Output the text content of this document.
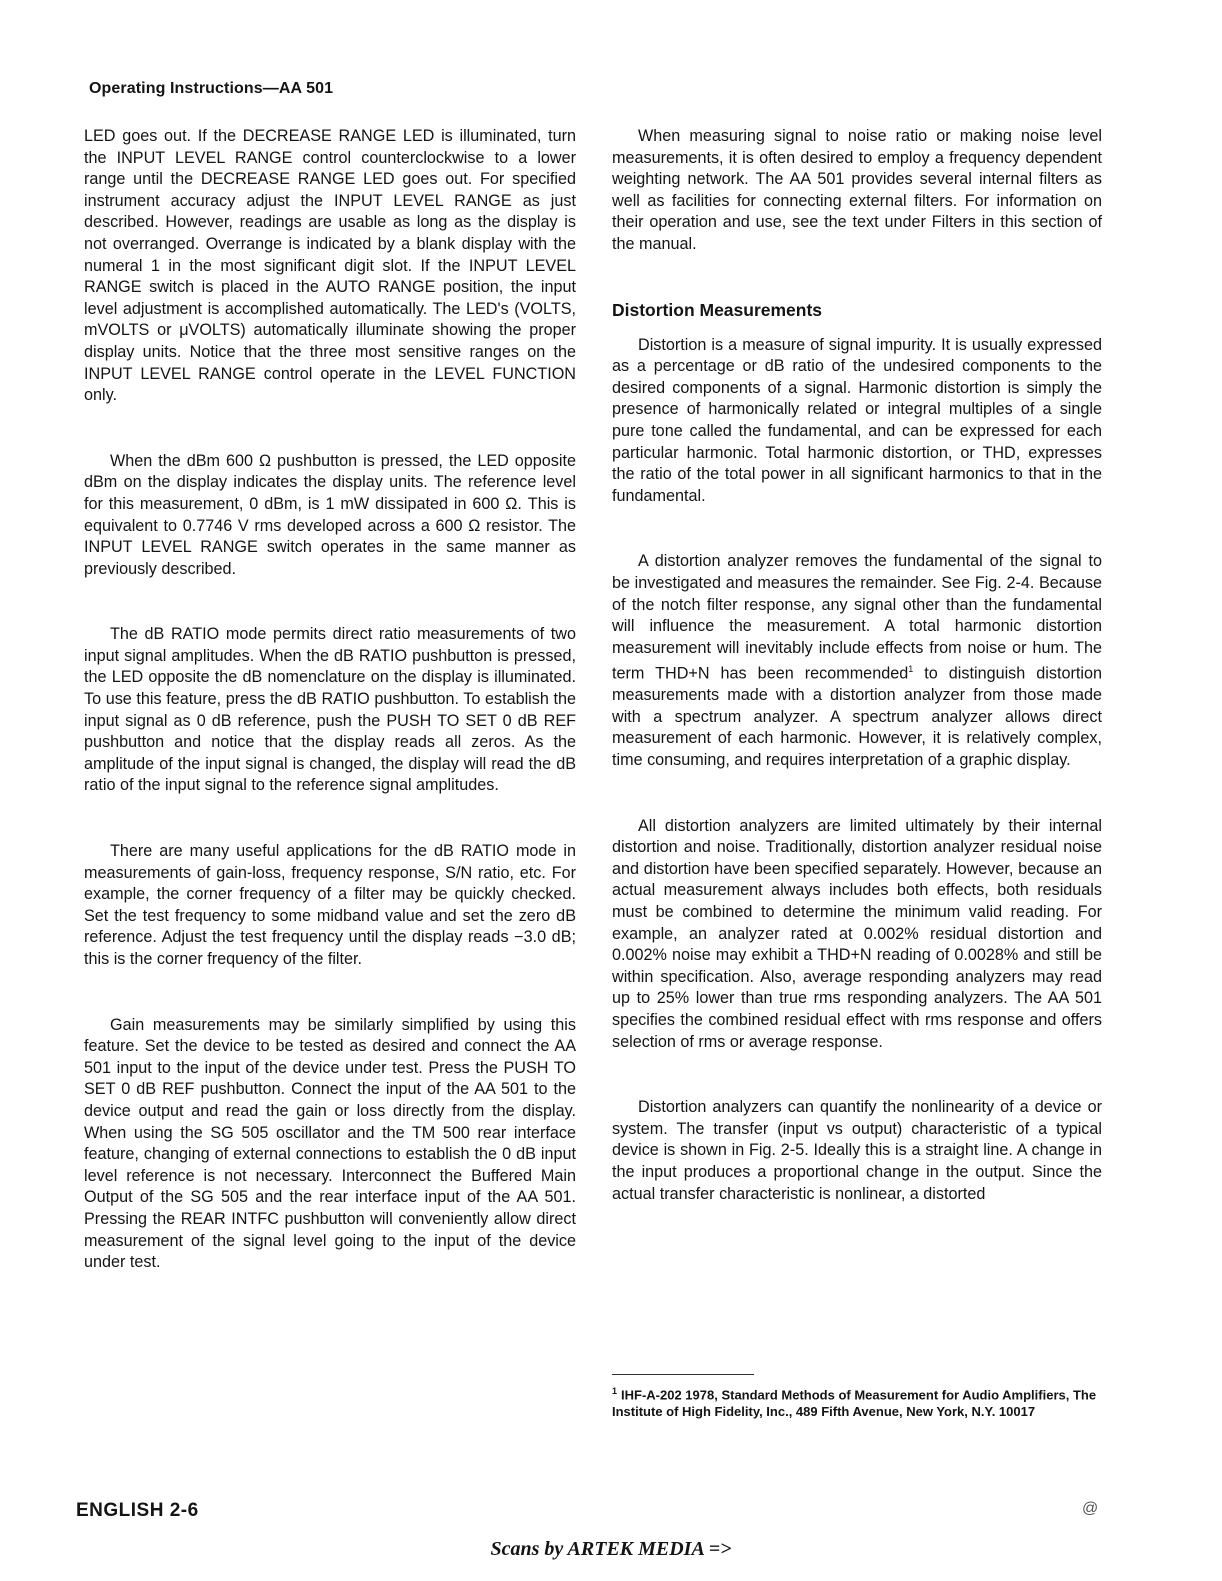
Operating Instructions—AA 501

LED goes out. If the DECREASE RANGE LED is illuminated, turn the INPUT LEVEL RANGE control counterclockwise to a lower range until the DECREASE RANGE LED goes out. For specified instrument accuracy adjust the INPUT LEVEL RANGE as just described. However, readings are usable as long as the display is not overranged. Overrange is indicated by a blank display with the numeral 1 in the most significant digit slot. If the INPUT LEVEL RANGE switch is placed in the AUTO RANGE position, the input level adjustment is accomplished automatically. The LED's (VOLTS, mVOLTS or μVOLTS) automatically illuminate showing the proper display units. Notice that the three most sensitive ranges on the INPUT LEVEL RANGE control operate in the LEVEL FUNCTION only.

When the dBm 600 Ω pushbutton is pressed, the LED opposite dBm on the display indicates the display units. The reference level for this measurement, 0 dBm, is 1 mW dissipated in 600 Ω. This is equivalent to 0.7746 V rms developed across a 600 Ω resistor. The INPUT LEVEL RANGE switch operates in the same manner as previously described.

The dB RATIO mode permits direct ratio measurements of two input signal amplitudes. When the dB RATIO pushbutton is pressed, the LED opposite the dB nomenclature on the display is illuminated. To use this feature, press the dB RATIO pushbutton. To establish the input signal as 0 dB reference, push the PUSH TO SET 0 dB REF pushbutton and notice that the display reads all zeros. As the amplitude of the input signal is changed, the display will read the dB ratio of the input signal to the reference signal amplitudes.

There are many useful applications for the dB RATIO mode in measurements of gain-loss, frequency response, S/N ratio, etc. For example, the corner frequency of a filter may be quickly checked. Set the test frequency to some midband value and set the zero dB reference. Adjust the test frequency until the display reads −3.0 dB; this is the corner frequency of the filter.

Gain measurements may be similarly simplified by using this feature. Set the device to be tested as desired and connect the AA 501 input to the input of the device under test. Press the PUSH TO SET 0 dB REF pushbutton. Connect the input of the AA 501 to the device output and read the gain or loss directly from the display. When using the SG 505 oscillator and the TM 500 rear interface feature, changing of external connections to establish the 0 dB input level reference is not necessary. Interconnect the Buffered Main Output of the SG 505 and the rear interface input of the AA 501. Pressing the REAR INTFC pushbutton will conveniently allow direct measurement of the signal level going to the input of the device under test.

When measuring signal to noise ratio or making noise level measurements, it is often desired to employ a frequency dependent weighting network. The AA 501 provides several internal filters as well as facilities for connecting external filters. For information on their operation and use, see the text under Filters in this section of the manual.

Distortion Measurements

Distortion is a measure of signal impurity. It is usually expressed as a percentage or dB ratio of the undesired components to the desired components of a signal. Harmonic distortion is simply the presence of harmonically related or integral multiples of a single pure tone called the fundamental, and can be expressed for each particular harmonic. Total harmonic distortion, or THD, expresses the ratio of the total power in all significant harmonics to that in the fundamental.

A distortion analyzer removes the fundamental of the signal to be investigated and measures the remainder. See Fig. 2-4. Because of the notch filter response, any signal other than the fundamental will influence the measurement. A total harmonic distortion measurement will inevitably include effects from noise or hum. The term THD+N has been recommended$^1$ to distinguish distortion measurements made with a distortion analyzer from those made with a spectrum analyzer. A spectrum analyzer allows direct measurement of each harmonic. However, it is relatively complex, time consuming, and requires interpretation of a graphic display.

All distortion analyzers are limited ultimately by their internal distortion and noise. Traditionally, distortion analyzer residual noise and distortion have been specified separately. However, because an actual measurement always includes both effects, both residuals must be combined to determine the minimum valid reading. For example, an analyzer rated at 0.002% residual distortion and 0.002% noise may exhibit a THD+N reading of 0.0028% and still be within specification. Also, average responding analyzers may read up to 25% lower than true rms responding analyzers. The AA 501 specifies the combined residual effect with rms response and offers selection of rms or average response.

Distortion analyzers can quantify the nonlinearity of a device or system. The transfer (input vs output) characteristic of a typical device is shown in Fig. 2-5. Ideally this is a straight line. A change in the input produces a proportional change in the output. Since the actual transfer characteristic is nonlinear, a distorted

$^1$ IHF-A-202 1978, Standard Methods of Measurement for Audio Amplifiers, The Institute of High Fidelity, Inc., 489 Fifth Avenue, New York, N.Y. 10017
ENGLISH 2-6	@
Scans by ARTEK MEDIA =>
